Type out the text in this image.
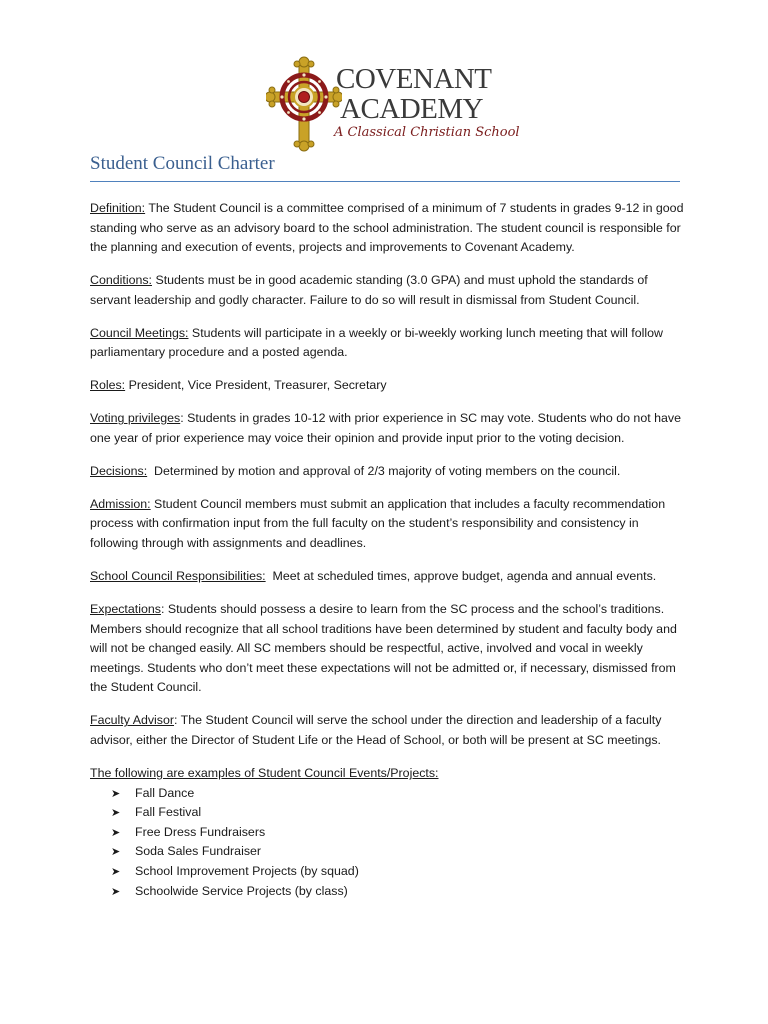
COVENANT
ACADEMY
A Classical Christian School
Student Council Charter

Definition: The Student Council is a committee comprised of a minimum of 7 students in grades 9-12 in good standing who serve as an advisory board to the school administration. The student council is responsible for the planning and execution of events, projects and improvements to Covenant Academy.

Conditions: Students must be in good academic standing (3.0 GPA) and must uphold the standards of servant leadership and godly character. Failure to do so will result in dismissal from Student Council.

Council Meetings: Students will participate in a weekly or bi-weekly working lunch meeting that will follow parliamentary procedure and a posted agenda.

Roles: President, Vice President, Treasurer, Secretary

Voting privileges: Students in grades 10-12 with prior experience in SC may vote. Students who do not have one year of prior experience may voice their opinion and provide input prior to the voting decision.

Decisions:  Determined by motion and approval of 2/3 majority of voting members on the council.

Admission: Student Council members must submit an application that includes a faculty recommendation process with confirmation input from the full faculty on the student’s responsibility and consistency in following through with assignments and deadlines.

School Council Responsibilities:  Meet at scheduled times, approve budget, agenda and annual events.

Expectations: Students should possess a desire to learn from the SC process and the school’s traditions. Members should recognize that all school traditions have been determined by student and faculty body and will not be changed easily. All SC members should be respectful, active, involved and vocal in weekly meetings. Students who don’t meet these expectations will not be admitted or, if necessary, dismissed from the Student Council.

Faculty Advisor: The Student Council will serve the school under the direction and leadership of a faculty advisor, either the Director of Student Life or the Head of School, or both will be present at SC meetings.

The following are examples of Student Council Events/Projects:

➤ Fall Dance
➤ Fall Festival
➤ Free Dress Fundraisers
➤ Soda Sales Fundraiser
➤ School Improvement Projects (by squad)
➤ Schoolwide Service Projects (by class)
